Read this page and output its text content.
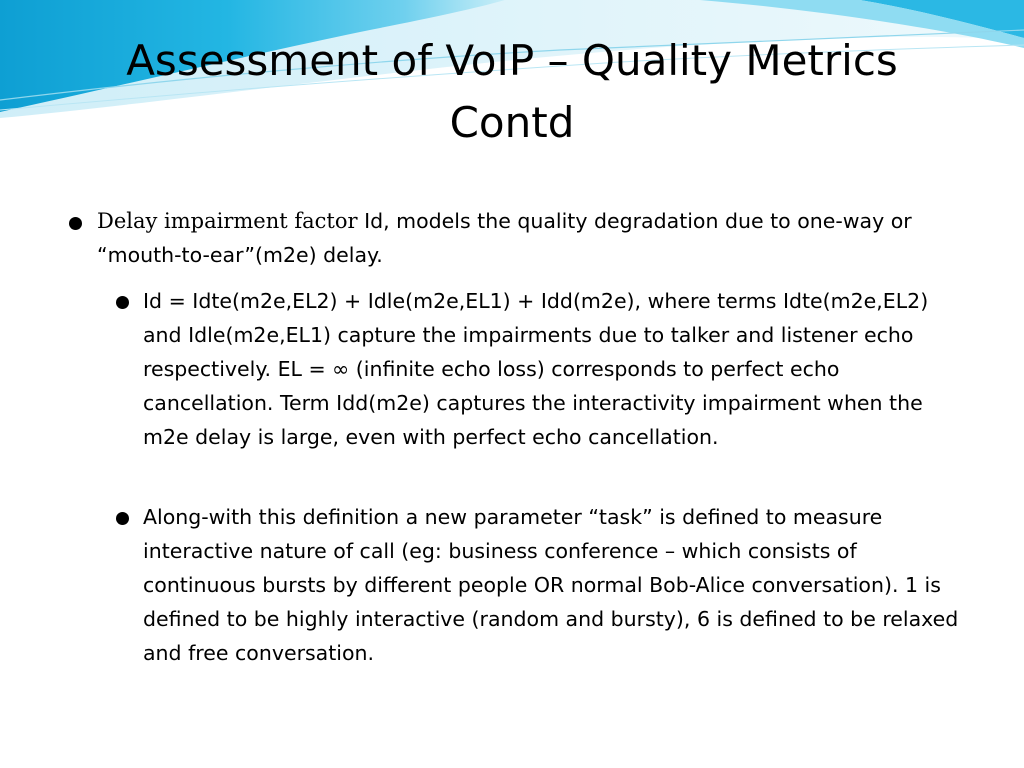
Assessment of VoIP – Quality Metrics
Contd
Delay impairment factor Id, models the quality degradation due to one-way or “mouth-to-ear”(m2e) delay.
Id = Idte(m2e,EL2) + Idle(m2e,EL1) + Idd(m2e), where terms Idte(m2e,EL2) and Idle(m2e,EL1) capture the impairments due to talker and listener echo respectively. EL = ∞ (infinite echo loss) corresponds to perfect echo cancellation. Term Idd(m2e) captures the interactivity impairment when the m2e delay is large, even with perfect echo cancellation.
Along-with this definition a new parameter “task” is defined to measure interactive nature of call (eg: business conference – which consists of continuous bursts by different people OR normal Bob-Alice conversation). 1 is defined to be highly interactive (random and bursty), 6 is defined to be relaxed and free conversation.
